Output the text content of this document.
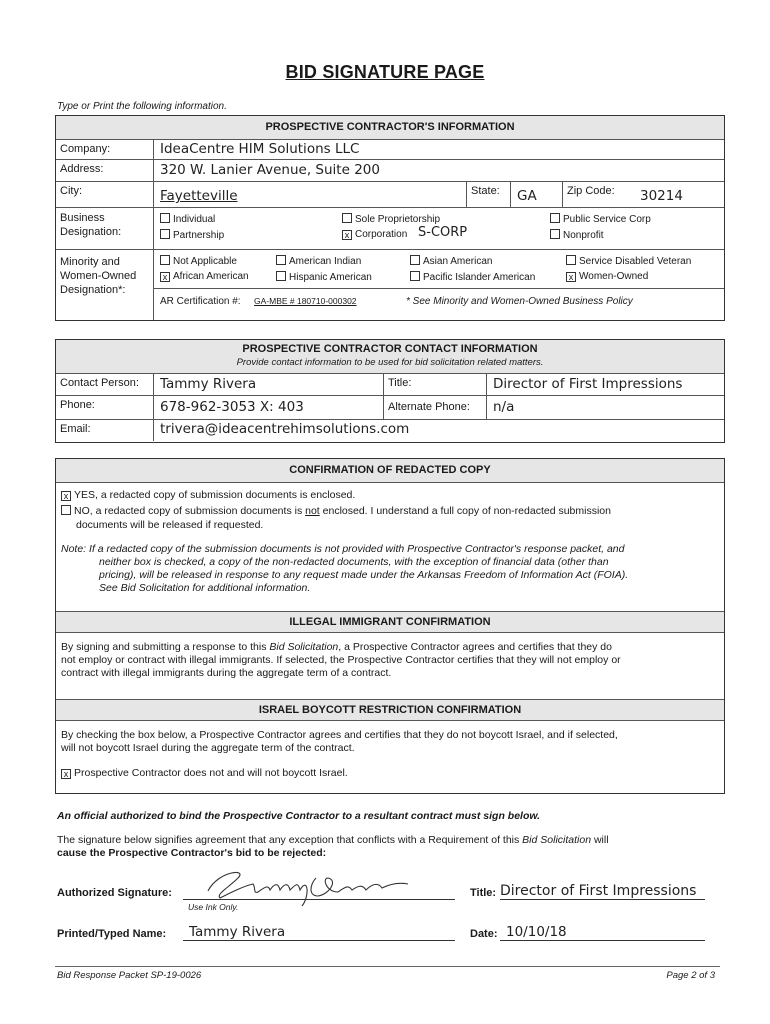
BID SIGNATURE PAGE
Type or Print the following information.
PROSPECTIVE CONTRACTOR'S INFORMATION
Company:	IdeaCentre HIM Solutions LLC
Address:	320 W. Lanier Avenue, Suite 200
City:	Fayetteville	State:	GA	Zip Code:	30214
Business Designation:
Individual
Partnership
Sole Proprietorship
x Corporation S-CORP
Public Service Corp
Nonprofit
Minority and Women-Owned Designation*:
Not Applicable
x African American
American Indian
Hispanic American
Asian American
Pacific Islander American
Service Disabled Veteran
x Women-Owned
AR Certification #: GA-MBE # 180710-000302	* See Minority and Women-Owned Business Policy
PROSPECTIVE CONTRACTOR CONTACT INFORMATION
Provide contact information to be used for bid solicitation related matters.
Contact Person:	Tammy Rivera	Title:	Director of First Impressions
Phone:	678-962-3053 X: 403	Alternate Phone:	n/a
Email:	trivera@ideacentrehimsolutions.com
CONFIRMATION OF REDACTED COPY
x YES, a redacted copy of submission documents is enclosed.
NO, a redacted copy of submission documents is not enclosed. I understand a full copy of non-redacted submission
documents will be released if requested.
Note: If a redacted copy of the submission documents is not provided with Prospective Contractor's response packet, and
neither box is checked, a copy of the non-redacted documents, with the exception of financial data (other than
pricing), will be released in response to any request made under the Arkansas Freedom of Information Act (FOIA).
See Bid Solicitation for additional information.
ILLEGAL IMMIGRANT CONFIRMATION
By signing and submitting a response to this Bid Solicitation, a Prospective Contractor agrees and certifies that they do
not employ or contract with illegal immigrants. If selected, the Prospective Contractor certifies that they will not employ or
contract with illegal immigrants during the aggregate term of a contract.
ISRAEL BOYCOTT RESTRICTION CONFIRMATION
By checking the box below, a Prospective Contractor agrees and certifies that they do not boycott Israel, and if selected,
will not boycott Israel during the aggregate term of the contract.
x Prospective Contractor does not and will not boycott Israel.
An official authorized to bind the Prospective Contractor to a resultant contract must sign below.
The signature below signifies agreement that any exception that conflicts with a Requirement of this Bid Solicitation will
cause the Prospective Contractor's bid to be rejected:
Authorized Signature:
Use Ink Only.
Title: Director of First Impressions
Printed/Typed Name:	Tammy Rivera	Date: 10/10/18
Bid Response Packet SP-19-0026	Page 2 of 3
